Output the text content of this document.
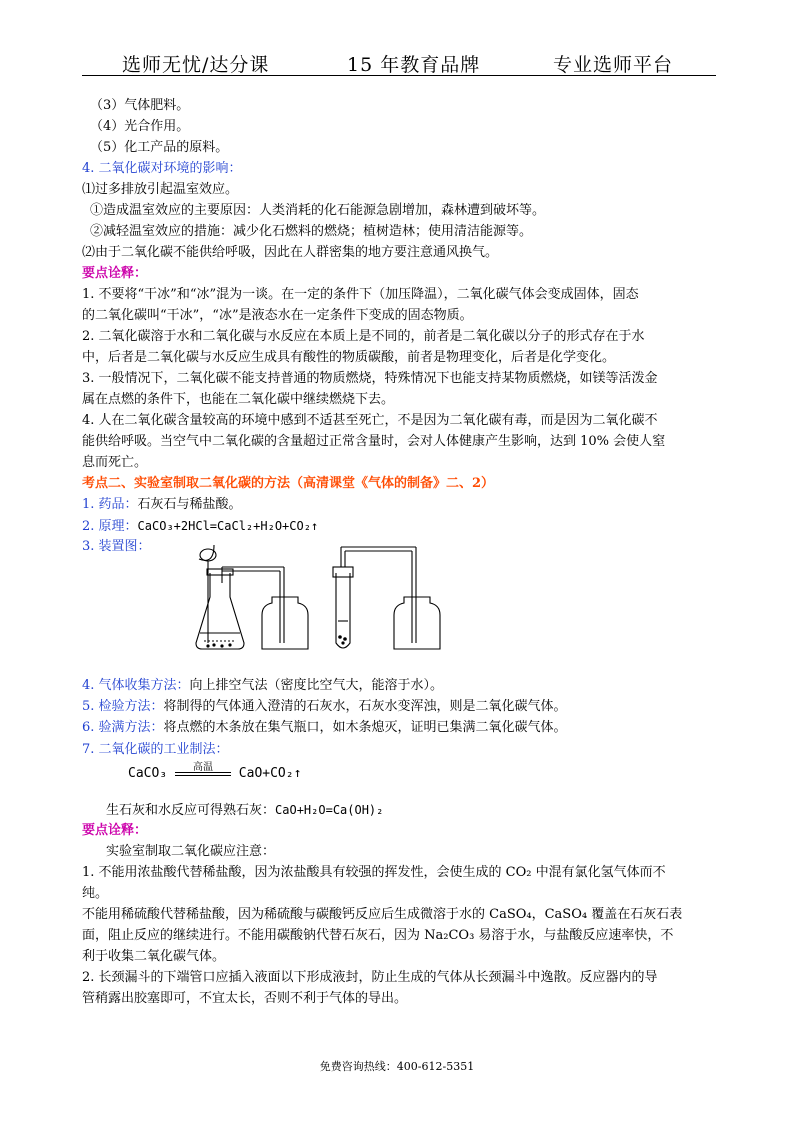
选师无忧/达分课	15 年教育品牌	专业选师平台
（3）气体肥料。
（4）光合作用。
（5）化工产品的原料。
4. 二氧化碳对环境的影响：
⑴过多排放引起温室效应。
①造成温室效应的主要原因：人类消耗的化石能源急剧增加，森林遭到破坏等。
②减轻温室效应的措施：减少化石燃料的燃烧；植树造林；使用清洁能源等。
⑵由于二氧化碳不能供给呼吸，因此在人群密集的地方要注意通风换气。
要点诠释：
1. 不要将“干冰”和“冰”混为一谈。在一定的条件下（加压降温），二氧化碳气体会变成固体，固态
的二氧化碳叫“干冰”，“冰”是液态水在一定条件下变成的固态物质。
2. 二氧化碳溶于水和二氧化碳与水反应在本质上是不同的，前者是二氧化碳以分子的形式存在于水
中，后者是二氧化碳与水反应生成具有酸性的物质碳酸，前者是物理变化，后者是化学变化。
3. 一般情况下，二氧化碳不能支持普通的物质燃烧，特殊情况下也能支持某物质燃烧，如镁等活泼金
属在点燃的条件下，也能在二氧化碳中继续燃烧下去。
4. 人在二氧化碳含量较高的环境中感到不适甚至死亡，不是因为二氧化碳有毒，而是因为二氧化碳不
能供给呼吸。当空气中二氧化碳的含量超过正常含量时，会对人体健康产生影响，达到 10% 会使人窒
息而死亡。
考点二、实验室制取二氧化碳的方法（高清课堂《气体的制备》二、2）
1. 药品：石灰石与稀盐酸。
2. 原理：CaCO₃+2HCl=CaCl₂+H₂O+CO₂↑
3. 装置图：
4. 气体收集方法：向上排空气法（密度比空气大，能溶于水）。
5. 检验方法：将制得的气体通入澄清的石灰水，石灰水变浑浊，则是二氧化碳气体。
6. 验满方法：将点燃的木条放在集气瓶口，如木条熄灭，证明已集满二氧化碳气体。
7. 二氧化碳的工业制法：
CaCO₃	高温	CaO+CO₂↑
生石灰和水反应可得熟石灰：CaO+H₂O=Ca(OH)₂
要点诠释：
实验室制取二氧化碳应注意：
1. 不能用浓盐酸代替稀盐酸，因为浓盐酸具有较强的挥发性，会使生成的 CO₂ 中混有氯化氢气体而不
纯。
不能用稀硫酸代替稀盐酸，因为稀硫酸与碳酸钙反应后生成微溶于水的 CaSO₄，CaSO₄ 覆盖在石灰石表
面，阻止反应的继续进行。不能用碳酸钠代替石灰石，因为 Na₂CO₃ 易溶于水，与盐酸反应速率快，不
利于收集二氧化碳气体。
2. 长颈漏斗的下端管口应插入液面以下形成液封，防止生成的气体从长颈漏斗中逸散。反应器内的导
管稍露出胶塞即可，不宜太长，否则不利于气体的导出。
免费咨询热线：400-612-5351
